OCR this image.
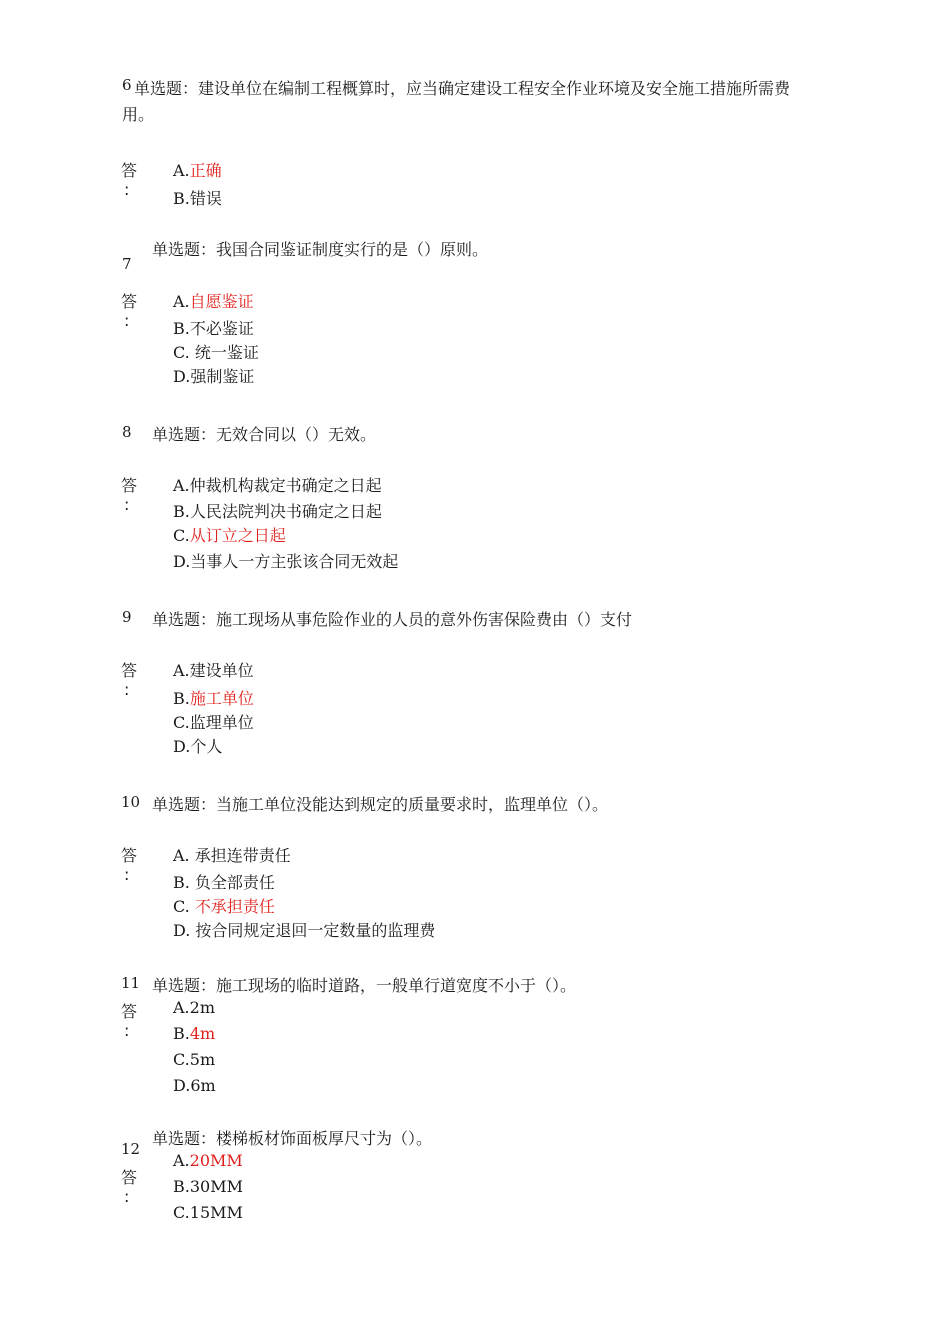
6 单选题：建设单位在编制工程概算时，应当确定建设工程安全作业环境及安全施工措施所需费
用。
答
:
A.正确
B.错误
单选题：我国合同鉴证制度实行的是（）原则。
7
答
:
A.自愿鉴证
B.不必鉴证
C. 统一鉴证
D.强制鉴证
8 单选题：无效合同以（）无效。
答
:
A.仲裁机构裁定书确定之日起
B.人民法院判决书确定之日起
C.从订立之日起
D.当事人一方主张该合同无效起
9 单选题：施工现场从事危险作业的人员的意外伤害保险费由（）支付
答
:
A.建设单位
B.施工单位
C.监理单位
D.个人
10 单选题：当施工单位没能达到规定的质量要求时，监理单位（）。
答
:
A. 承担连带责任
B. 负全部责任
C. 不承担责任
D. 按合同规定退回一定数量的监理费
11 单选题：施工现场的临时道路，一般单行道宽度不小于（）。
答
:
A.2m
B.4m
C.5m
D.6m
单选题：楼梯板材饰面板厚尺寸为（）。
12
答
:
A.20MM
B.30MM
C.15MM
